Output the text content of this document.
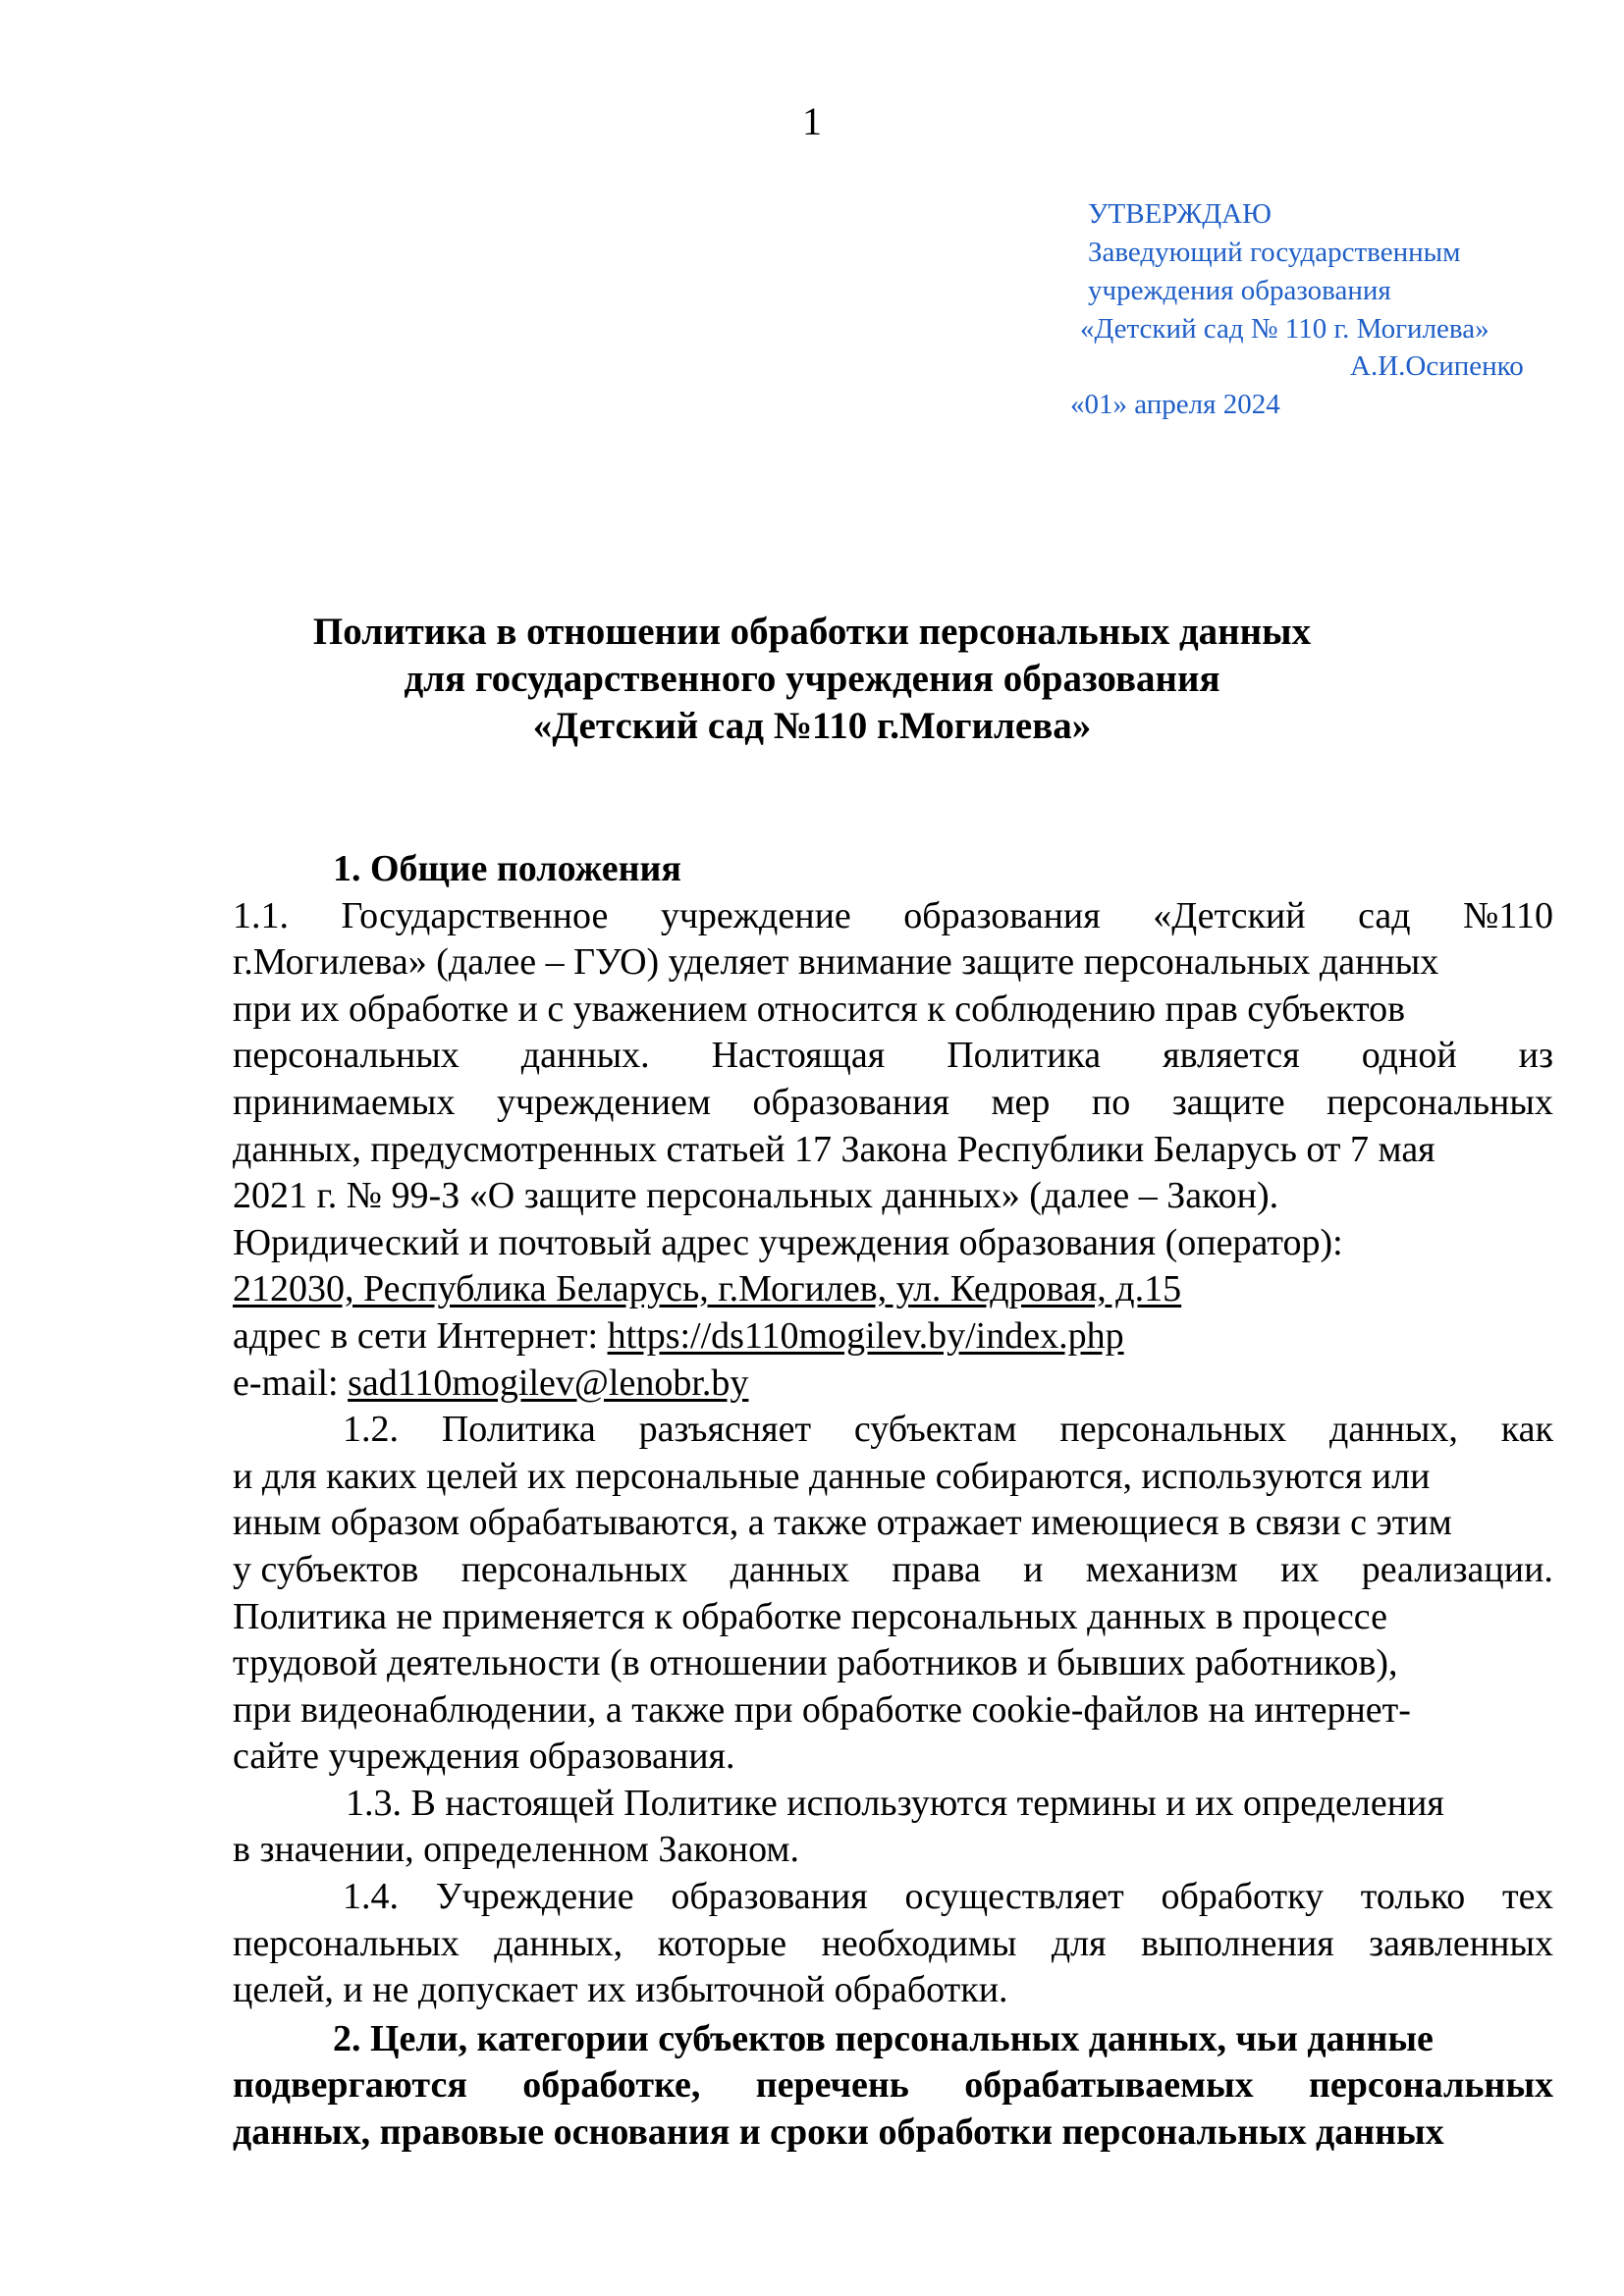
1
УТВЕРЖДАЮ
Заведующий государственным
учреждения образования
«Детский сад № 110 г. Могилева»
А.И.Осипенко
«01» апреля 2024
Политика в отношении обработки персональных данных
для государственного учреждения образования
«Детский сад №110 г.Могилева»
1. Общие положения
1.1. Государственное учреждение образования «Детский сад №110
г.Могилева» (далее – ГУО) уделяет внимание защите персональных данных
при их обработке и с уважением относится к соблюдению прав субъектов
персональных данных. Настоящая Политика является одной из
принимаемых учреждением образования мер по защите персональных
данных, предусмотренных статьей 17 Закона Республики Беларусь от 7 мая
2021 г. № 99-З «О защите персональных данных» (далее – Закон).
Юридический и почтовый адрес учреждения образования (оператор):
212030, Республика Беларусь, г.Могилев, ул. Кедровая, д.15
адрес в сети Интернет: https://ds110mogilev.by/index.php
e-mail: sad110mogilev@lenobr.by
1.2. Политика разъясняет субъектам персональных данных, как
и для каких целей их персональные данные собираются, используются или
иным образом обрабатываются, а также отражает имеющиеся в связи с этим
у субъектов персональных данных права и механизм их реализации.
Политика не применяется к обработке персональных данных в процессе
трудовой деятельности (в отношении работников и бывших работников),
при видеонаблюдении, а также при обработке cookie-файлов на интернет-
сайте учреждения образования.
1.3. В настоящей Политике используются термины и их определения
в значении, определенном Законом.
1.4. Учреждение образования осуществляет обработку только тех
персональных данных, которые необходимы для выполнения заявленных
целей, и не допускает их избыточной обработки.
2. Цели, категории субъектов персональных данных, чьи данные
подвергаются обработке, перечень обрабатываемых персональных
данных, правовые основания и сроки обработки персональных данных
